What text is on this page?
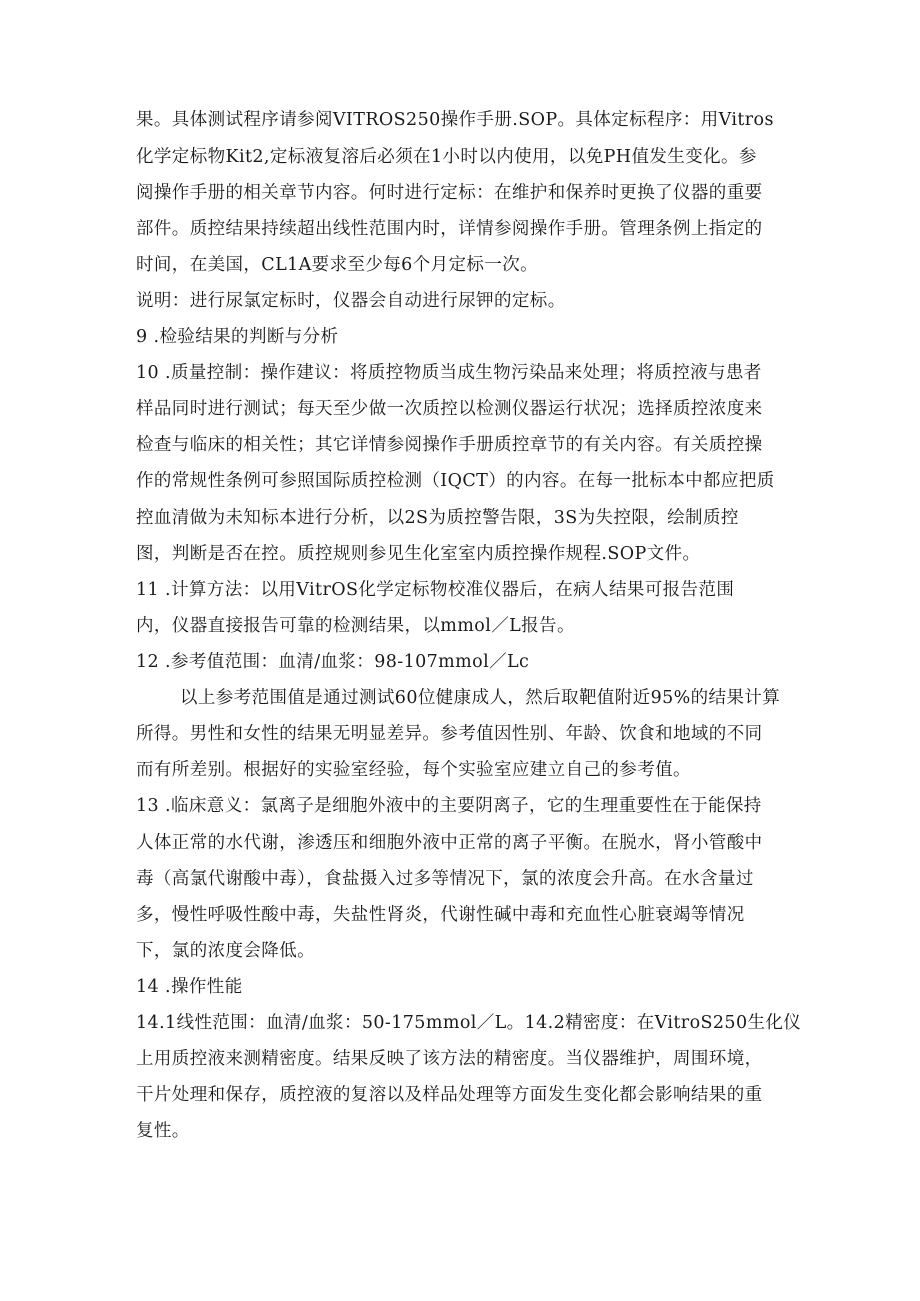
果。具体测试程序请参阅VITROS250操作手册.SOP。具体定标程序：用Vitros
化学定标物Kit2,定标液复溶后必须在1小时以内使用，以免PH值发生变化。参
阅操作手册的相关章节内容。何时进行定标：在维护和保养时更换了仪器的重要
部件。质控结果持续超出线性范围内时，详情参阅操作手册。管理条例上指定的
时间，在美国，CL1A要求至少每6个月定标一次。
说明：进行尿氯定标时，仪器会自动进行尿钾的定标。
9 .检验结果的判断与分析
10 .质量控制：操作建议：将质控物质当成生物污染品来处理；将质控液与患者
样品同时进行测试；每天至少做一次质控以检测仪器运行状况；选择质控浓度来
检查与临床的相关性；其它详情参阅操作手册质控章节的有关内容。有关质控操
作的常规性条例可参照国际质控检测（IQCT）的内容。在每一批标本中都应把质
控血清做为未知标本进行分析，以2S为质控警告限，3S为失控限，绘制质控
图，判断是否在控。质控规则参见生化室室内质控操作规程.SOP文件。
11 .计算方法：以用VitrOS化学定标物校准仪器后，在病人结果可报告范围
内，仪器直接报告可靠的检测结果，以mmol／L报告。
12 .参考值范围：血清/血浆：98-107mmol／Lc
以上参考范围值是通过测试60位健康成人，然后取靶值附近95%的结果计算
所得。男性和女性的结果无明显差异。参考值因性别、年龄、饮食和地域的不同
而有所差别。根据好的实验室经验，每个实验室应建立自己的参考值。
13 .临床意义：氯离子是细胞外液中的主要阴离子，它的生理重要性在于能保持
人体正常的水代谢，渗透压和细胞外液中正常的离子平衡。在脱水，肾小管酸中
毒（高氯代谢酸中毒），食盐摄入过多等情况下，氯的浓度会升高。在水含量过
多，慢性呼吸性酸中毒，失盐性肾炎，代谢性碱中毒和充血性心脏衰竭等情况
下，氯的浓度会降低。
14 .操作性能
14.1线性范围：血清/血浆：50-175mmol／L。14.2精密度：在VitroS250生化仪
上用质控液来测精密度。结果反映了该方法的精密度。当仪器维护，周围环境，
干片处理和保存，质控液的复溶以及样品处理等方面发生变化都会影响结果的重
复性。
